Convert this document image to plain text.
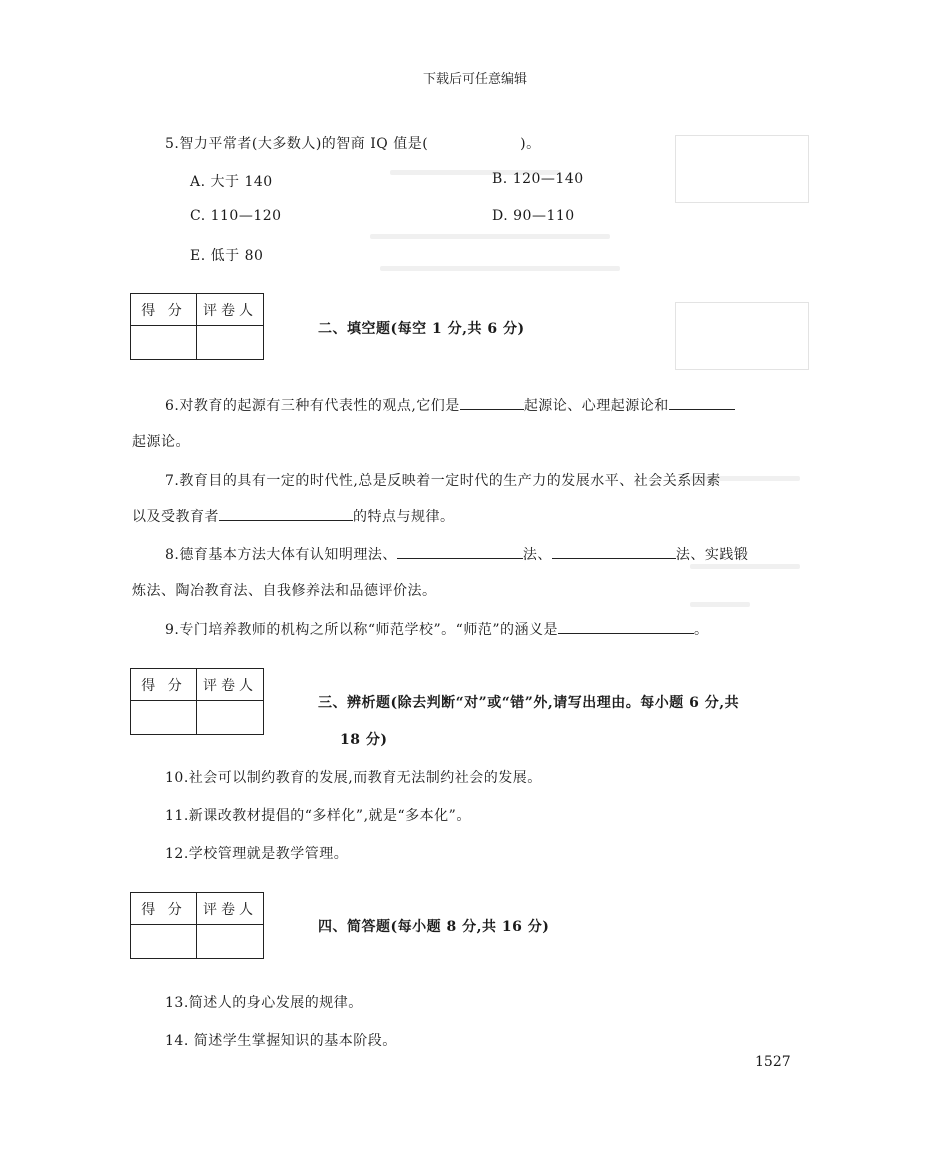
下载后可任意编辑
5.智力平常者(大多数人)的智商 IQ 值是(	)。
A. 大于 140	B. 120—140
C. 110—120	D. 90—110
E. 低于 80
得 分	评卷人
二、填空题(每空 1 分,共 6 分)
6.对教育的起源有三种有代表性的观点,它们是	起源论、心理起源论和
起源论。
7.教育目的具有一定的时代性,总是反映着一定时代的生产力的发展水平、社会关系因素
以及受教育者	的特点与规律。
8.德育基本方法大体有认知明理法、	法、	法、实践锻
炼法、陶冶教育法、自我修养法和品德评价法。
9.专门培养教师的机构之所以称“师范学校”。“师范”的涵义是	。
得 分	评卷人
三、辨析题(除去判断“对”或“错”外,请写出理由。每小题 6 分,共
18 分)
10.社会可以制约教育的发展,而教育无法制约社会的发展。
11.新课改教材提倡的“多样化”,就是“多本化”。
12.学校管理就是教学管理。
得 分	评卷人
四、简答题(每小题 8 分,共 16 分)
13.简述人的身心发展的规律。
14. 简述学生掌握知识的基本阶段。
1527
